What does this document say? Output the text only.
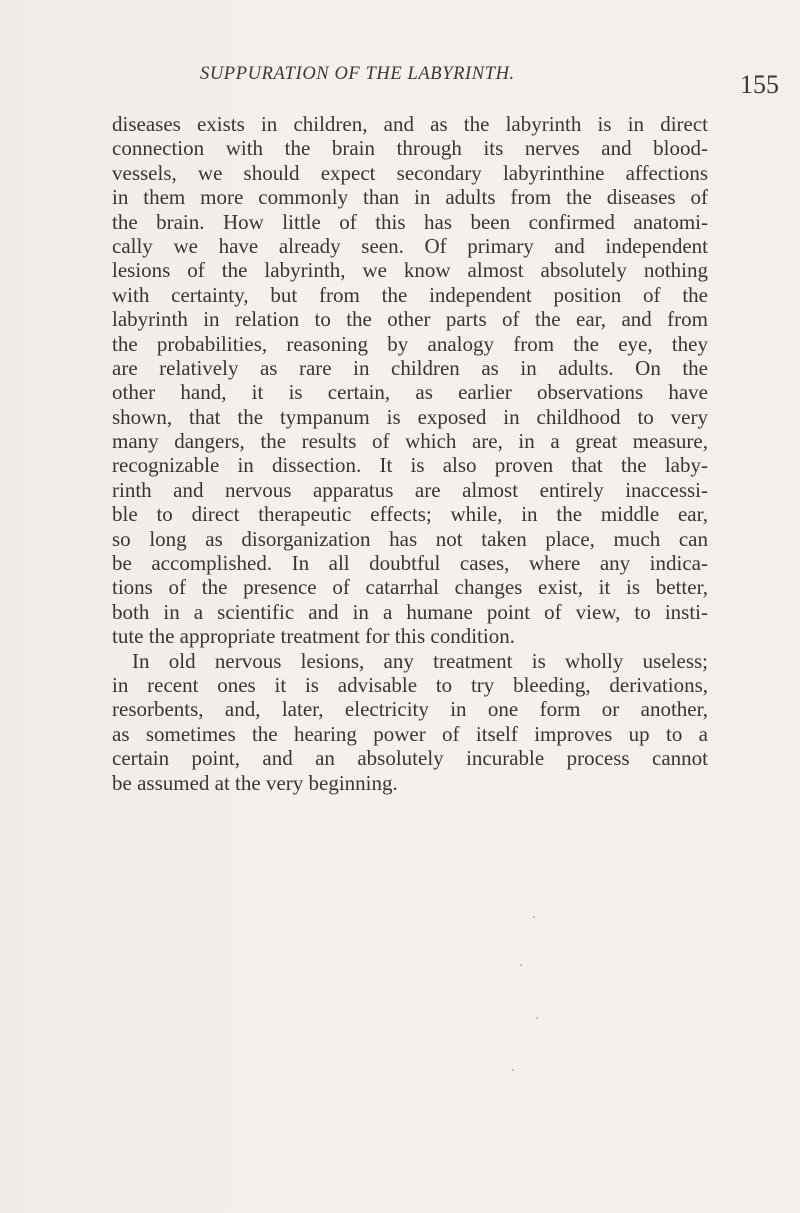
SUPPURATION OF THE LABYRINTH.	155
diseases exists in children, and as the labyrinth is in direct
connection with the brain through its nerves and blood-
vessels, we should expect secondary labyrinthine affections
in them more commonly than in adults from the diseases of
the brain. How little of this has been confirmed anatomi-
cally we have already seen. Of primary and independent
lesions of the labyrinth, we know almost absolutely nothing
with certainty, but from the independent position of the
labyrinth in relation to the other parts of the ear, and from
the probabilities, reasoning by analogy from the eye, they
are relatively as rare in children as in adults. On the
other hand, it is certain, as earlier observations have
shown, that the tympanum is exposed in childhood to very
many dangers, the results of which are, in a great measure,
recognizable in dissection. It is also proven that the laby-
rinth and nervous apparatus are almost entirely inaccessi-
ble to direct therapeutic effects; while, in the middle ear,
so long as disorganization has not taken place, much can
be accomplished. In all doubtful cases, where any indica-
tions of the presence of catarrhal changes exist, it is better,
both in a scientific and in a humane point of view, to insti-
tute the appropriate treatment for this condition.
In old nervous lesions, any treatment is wholly useless;
in recent ones it is advisable to try bleeding, derivations,
resorbents, and, later, electricity in one form or another,
as sometimes the hearing power of itself improves up to a
certain point, and an absolutely incurable process cannot
be assumed at the very beginning.
